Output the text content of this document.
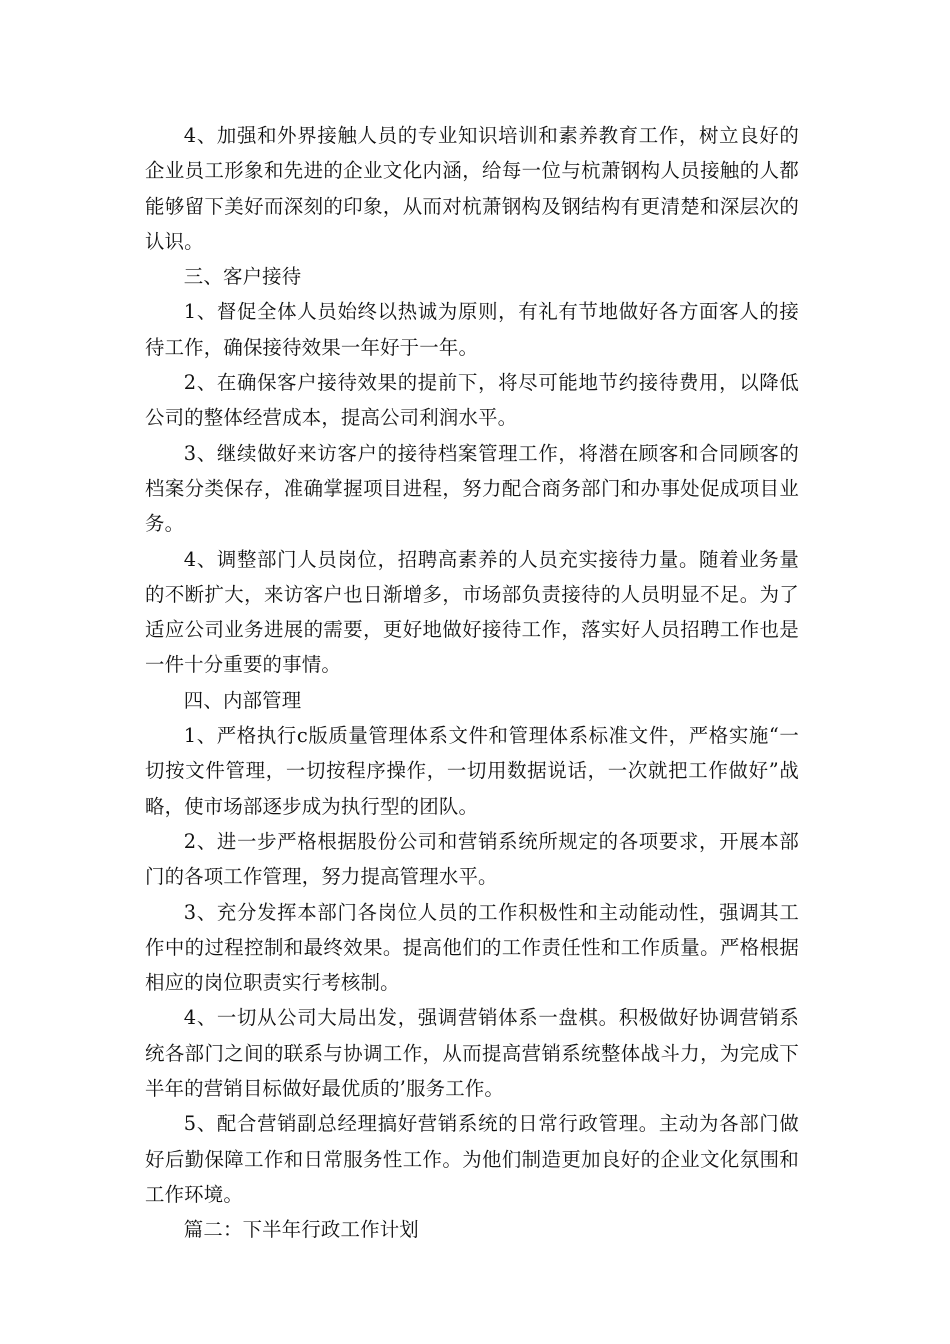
4、加强和外界接触人员的专业知识培训和素养教育工作，树立良好的企业员工形象和先进的企业文化内涵，给每一位与杭萧钢构人员接触的人都能够留下美好而深刻的印象，从而对杭萧钢构及钢结构有更清楚和深层次的认识。

三、客户接待

1、督促全体人员始终以热诚为原则，有礼有节地做好各方面客人的接待工作，确保接待效果一年好于一年。

2、在确保客户接待效果的提前下，将尽可能地节约接待费用，以降低公司的整体经营成本，提高公司利润水平。

3、继续做好来访客户的接待档案管理工作，将潜在顾客和合同顾客的档案分类保存，准确掌握项目进程，努力配合商务部门和办事处促成项目业务。

4、调整部门人员岗位，招聘高素养的人员充实接待力量。随着业务量的不断扩大，来访客户也日渐增多，市场部负责接待的人员明显不足。为了适应公司业务进展的需要，更好地做好接待工作，落实好人员招聘工作也是一件十分重要的事情。

四、内部管理

1、严格执行c版质量管理体系文件和管理体系标准文件，严格实施“一切按文件管理，一切按程序操作，一切用数据说话，一次就把工作做好”战略，使市场部逐步成为执行型的团队。

2、进一步严格根据股份公司和营销系统所规定的各项要求，开展本部门的各项工作管理，努力提高管理水平。

3、充分发挥本部门各岗位人员的工作积极性和主动能动性，强调其工作中的过程控制和最终效果。提高他们的工作责任性和工作质量。严格根据相应的岗位职责实行考核制。

4、一切从公司大局出发，强调营销体系一盘棋。积极做好协调营销系统各部门之间的联系与协调工作，从而提高营销系统整体战斗力，为完成下半年的营销目标做好最优质的’服务工作。

5、配合营销副总经理搞好营销系统的日常行政管理。主动为各部门做好后勤保障工作和日常服务性工作。为他们制造更加良好的企业文化氛围和工作环境。

篇二：下半年行政工作计划
